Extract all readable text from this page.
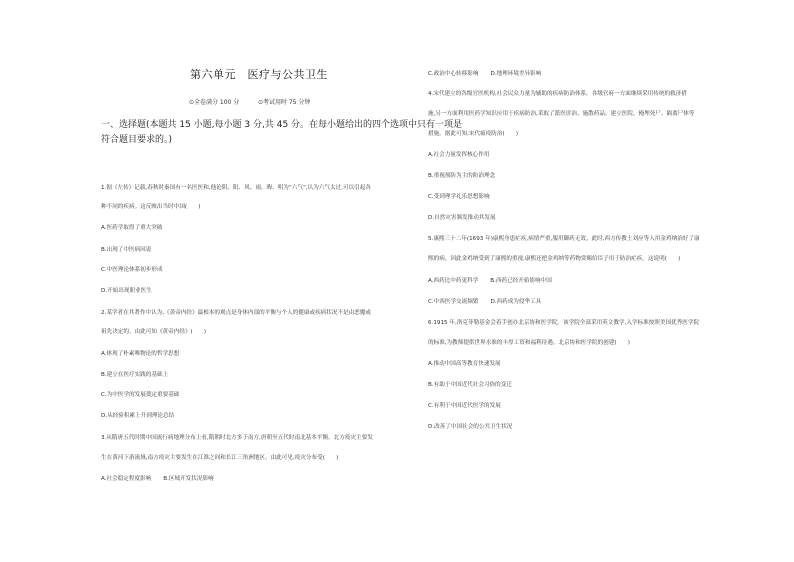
第六单元　医疗与公共卫生
⊙全卷满分 100 分	⊙考试用时 75 分钟
一、选择题(本题共 15 小题,每小题 3 分,共 45 分。在每小题给出的四个选项中只有一项是
符合题目要求的。)
1.据《左传》记载,春秋时秦国有一名医医和,他论阴、阳、风、雨、晦、明为“六气”,认为六气太过,可以引起各
种不同的疾病。这反映出当时中国(　　)
A.医药学取得了重大突破
B.出现了中医病因说
C.中医理论体系初步形成
D.开始出现职业医生
2.某学者在其著作中认为,《黄帝内经》最根本的观点是身体内部的平衡与个人的健康或疾病状况不是由恶魔或
祖先决定的。由此可知《黄帝内经》(　　)
A.体现了朴素唯物论的哲学思想
B.建立在医疗实践的基础上
C.为中医学的发展奠定重要基础
D.从经验积累上升到理论总结
3.从隋唐五代时期中国流行病地理分布上看,隋朝时北方多于南方,唐朝至五代时南北基本平衡。北方疫灾主要发
生在黄河下游流域,南方疫灾主要发生在江淮之间和长江三角洲地区。由此可见,疫灾分布受(　　)
A.社会稳定程度影响 B.区域开发状况影响
C.政治中心转移影响 D.地理环境差异影响
4.宋代建立的各级官医机构,社会民众力量为辅助的疾病防治体系。各级官府一方面继续采用传统的救济措
施,另一方面利用医药学知识应用于疾病防治,采取了派医诊治、施散药品、建立医院、掩埋死尸、隔离尸体等
措施。据此可知,宋代瘟疫防治(　　)
A.社会力量发挥核心作用
B.重视预防为主的防治理念
C.受到理学礼乐思想影响
D.自然灾害频发推动其发展
5.康熙三十二年(1693 年)康熙身患疟疾,病情严重,服用御药无效。此时,西方传教士刘应等人用金鸡纳治好了康
熙的病。因此金鸡纳受到了康熙的重视,康熙还把金鸡纳等药物赏赐给臣子用于防治疟疾。这说明(　　)
A.西药比中药更科学 B.西药已经开始影响中国
C.中西医学交流频繁 D.西药成为侵华工具
6.1915 年,洛克菲勒基金会着手创办北京协和医学院。该学院全部采用英文教学,入学标准按照美国优秀医学院
的标准,为教师提供世界水准的丰厚工资和福利待遇。北京协和医学院的创建(　　)
A.推动中国高等教育快速发展
B.有助于中国近代社会习俗的变迁
C.有利于中国近代医学的发展
D.改善了中国社会的公共卫生状况
